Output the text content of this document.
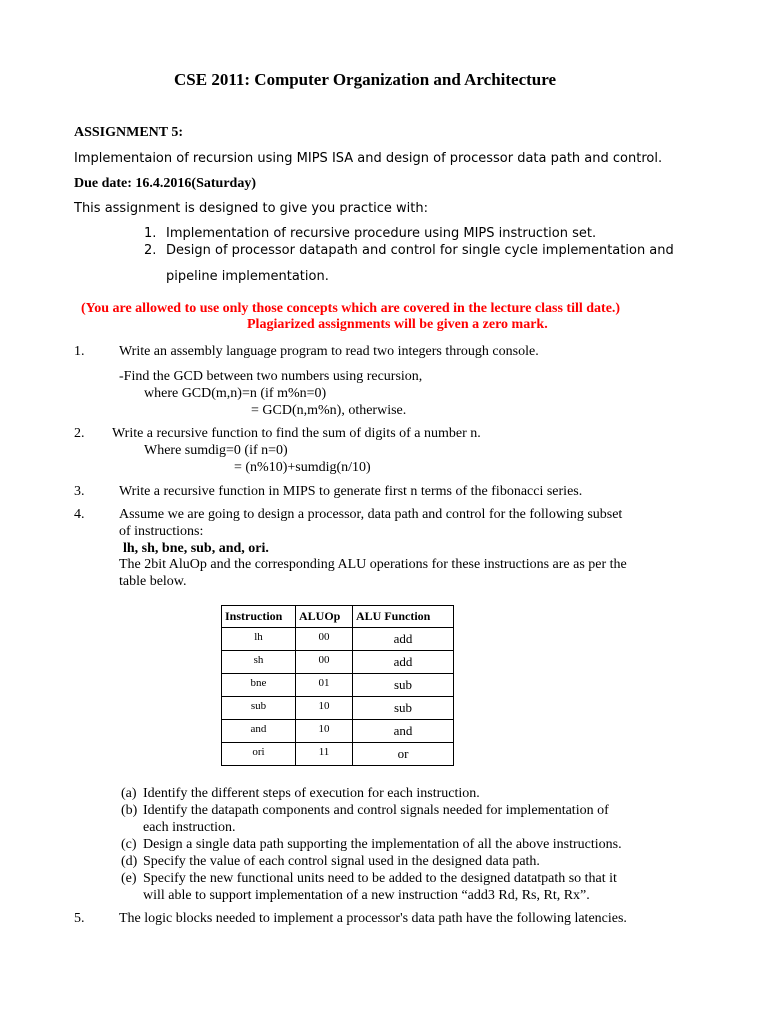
CSE 2011: Computer Organization and Architecture
ASSIGNMENT 5:
Implementaion of recursion using MIPS ISA and design of processor data path and control.
Due date: 16.4.2016(Saturday)
This assignment is designed to give you practice with:
1. Implementation of recursive procedure using MIPS instruction set.
2. Design of processor datapath and control for single cycle implementation and
pipeline implementation.
(You are allowed to use only those concepts which are covered in the lecture class till date.)
Plagiarized assignments will be given a zero mark.
1. Write an assembly language program to read two integers through console.
-Find the GCD between two numbers using recursion,
where GCD(m,n)=n (if m%n=0)
= GCD(n,m%n), otherwise.
2. Write a recursive function to find the sum of digits of a number n.
Where sumdig=0 (if n=0)
= (n%10)+sumdig(n/10)
3. Write a recursive function in MIPS to generate first n terms of the fibonacci series.
4. Assume we are going to design a processor, data path and control for the following subset
of instructions:
lh, sh, bne, sub, and, ori.
The 2bit AluOp and the corresponding ALU operations for these instructions are as per the
table below.
Instruction	ALUOp	ALU Function
lh	00	add
sh	00	add
bne	01	sub
sub	10	sub
and	10	and
ori	11	or
(a) Identify the different steps of execution for each instruction.
(b) Identify the datapath components and control signals needed for implementation of
each instruction.
(c) Design a single data path supporting the implementation of all the above instructions.
(d) Specify the value of each control signal used in the designed data path.
(e) Specify the new functional units need to be added to the designed datatpath so that it
will able to support implementation of a new instruction “add3 Rd, Rs, Rt, Rx”.
5. The logic blocks needed to implement a processor's data path have the following latencies.
